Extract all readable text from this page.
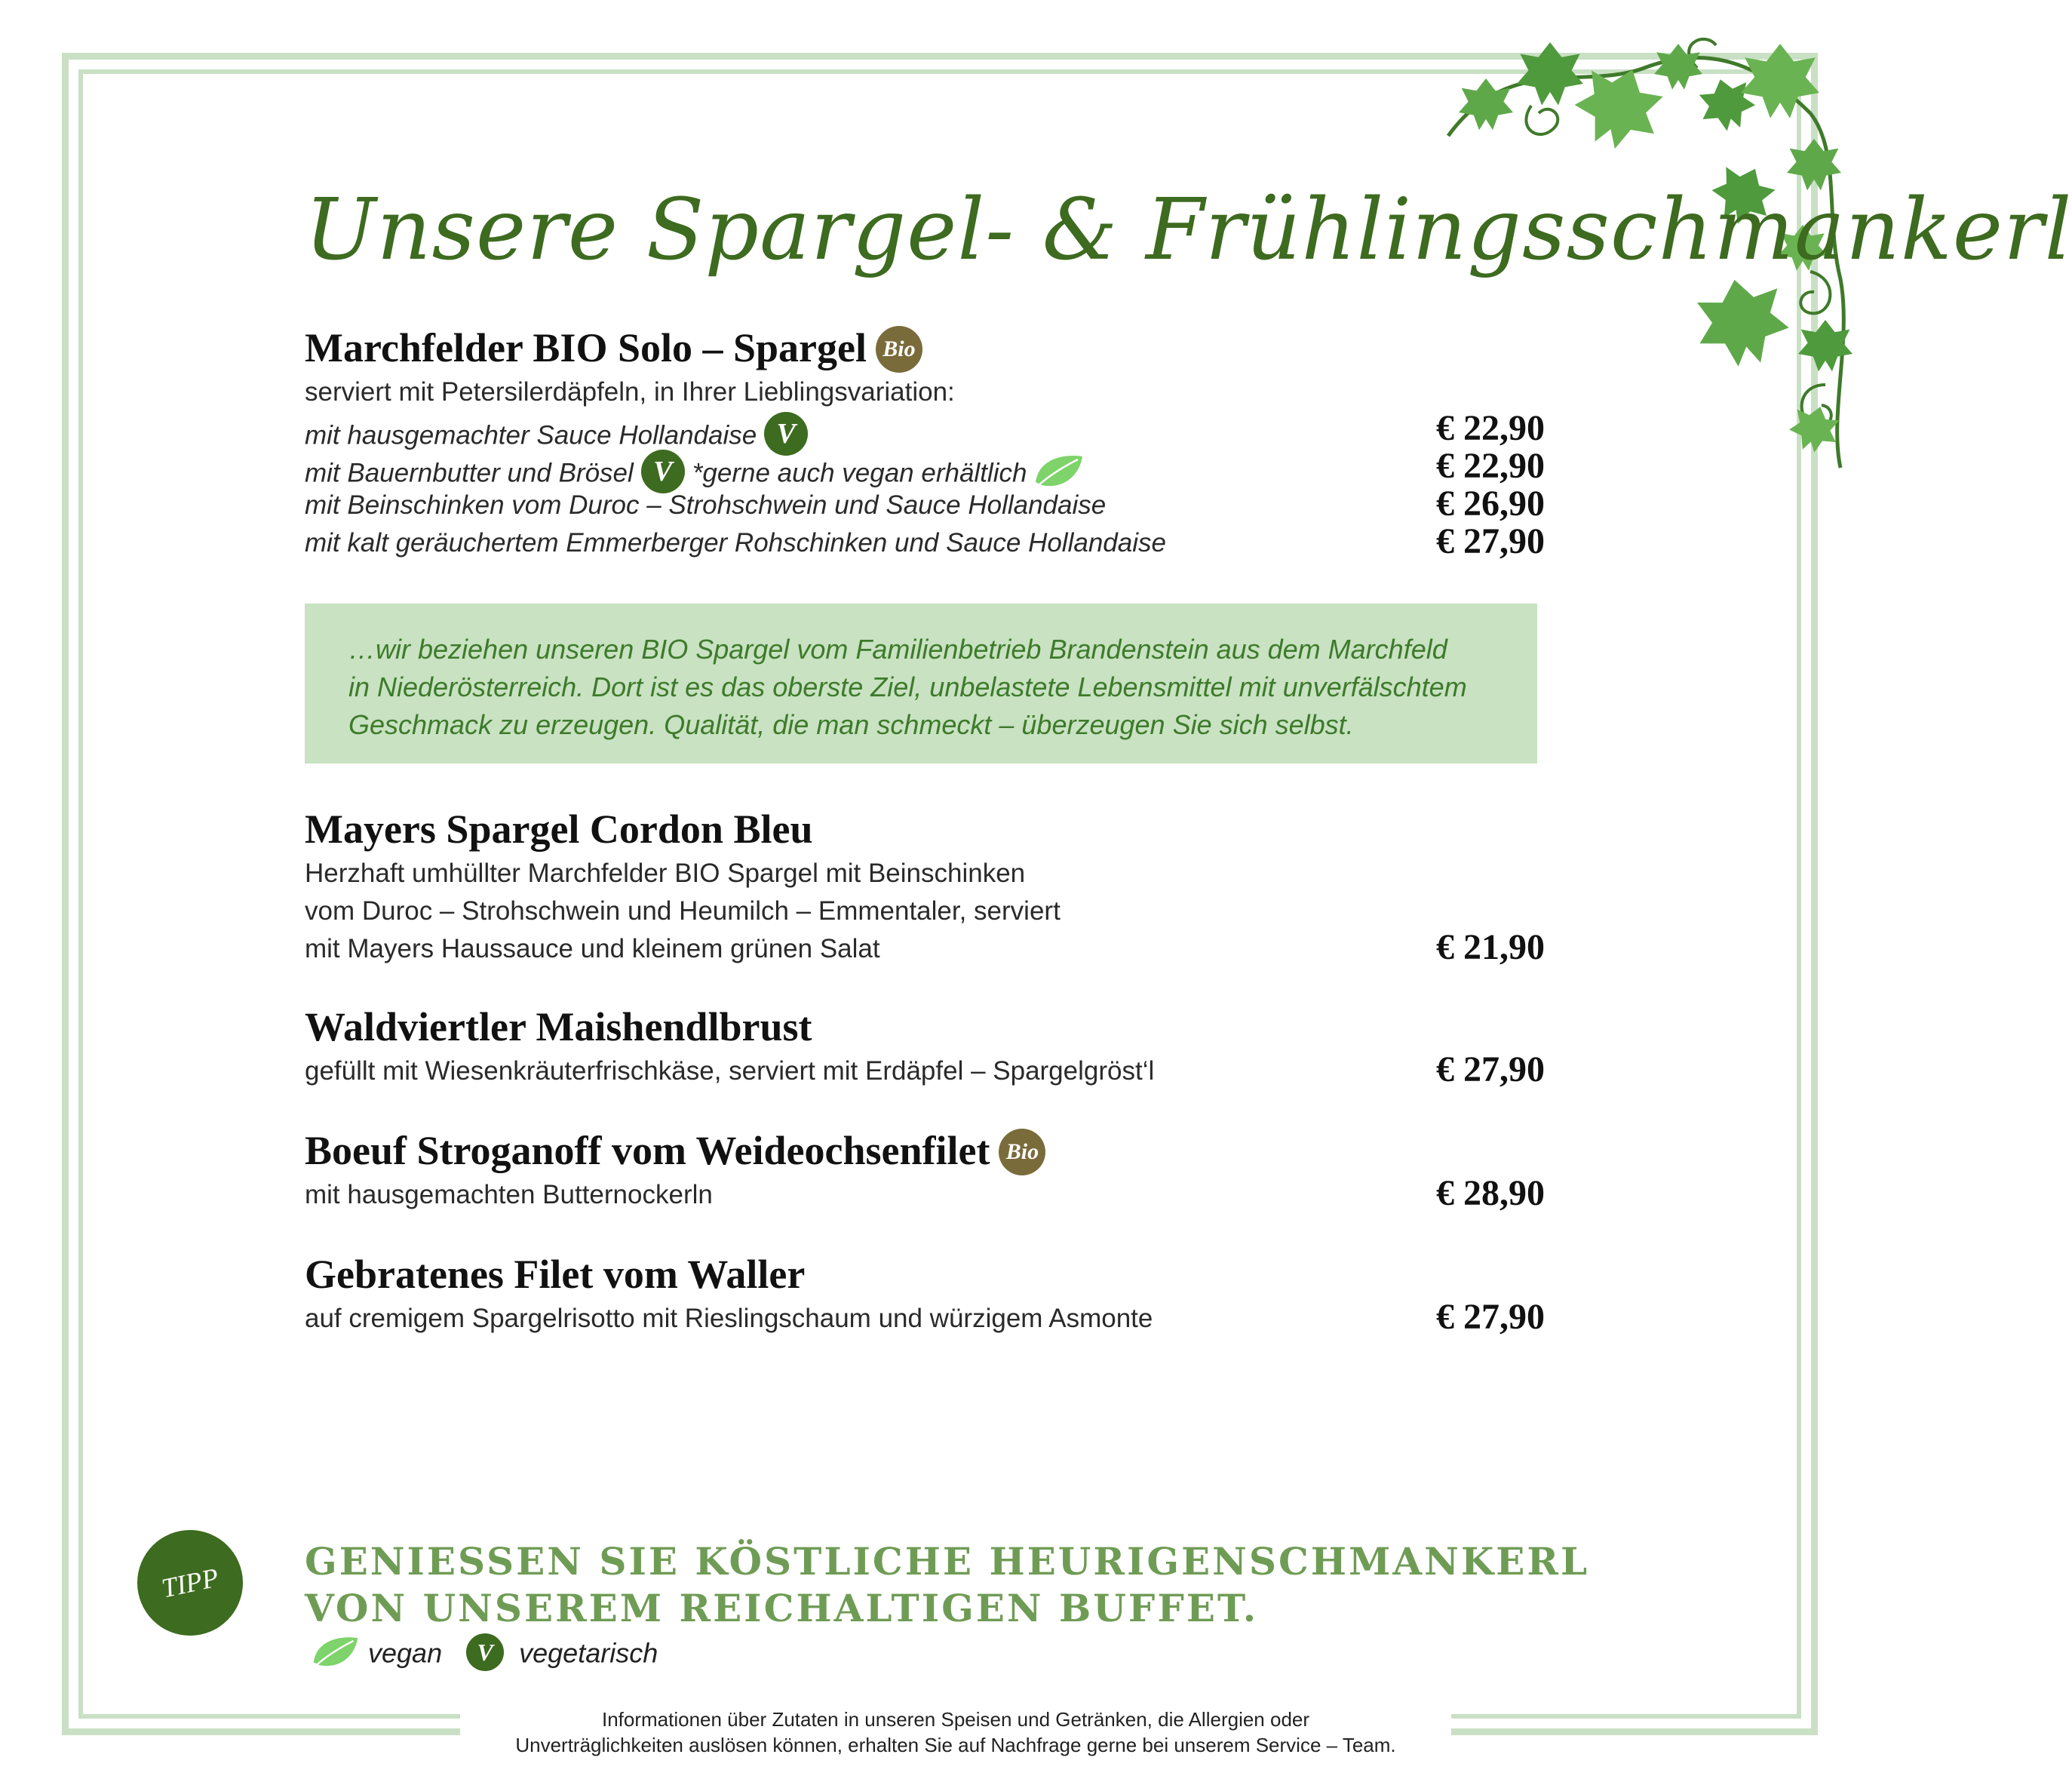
Unsere Spargel- & Frühlingsschmankerl
Marchfelder BIO Solo – Spargel Bio
serviert mit Petersilerdäpfeln, in Ihrer Lieblingsvariation:
mit hausgemachter Sauce Hollandaise V	€ 22,90
mit Bauernbutter und Brösel V *gerne auch vegan erhältlich	€ 22,90
mit Beinschinken vom Duroc – Strohschwein und Sauce Hollandaise	€ 26,90
mit kalt geräuchertem Emmerberger Rohschinken und Sauce Hollandaise	€ 27,90
…wir beziehen unseren BIO Spargel vom Familienbetrieb Brandenstein aus dem Marchfeld
in Niederösterreich. Dort ist es das oberste Ziel, unbelastete Lebensmittel mit unverfälschtem
Geschmack zu erzeugen. Qualität, die man schmeckt – überzeugen Sie sich selbst.
Mayers Spargel Cordon Bleu
Herzhaft umhüllter Marchfelder BIO Spargel mit Beinschinken
vom Duroc – Strohschwein und Heumilch – Emmentaler, serviert
mit Mayers Haussauce und kleinem grünen Salat	€ 21,90
Waldviertler Maishendlbrust
gefüllt mit Wiesenkräuterfrischkäse, serviert mit Erdäpfel – Spargelgröst‘l	€ 27,90
Boeuf Stroganoff vom Weideochsenfilet Bio
mit hausgemachten Butternockerln	€ 28,90
Gebratenes Filet vom Waller
auf cremigem Spargelrisotto mit Rieslingschaum und würzigem Asmonte	€ 27,90
TIPP	GENIESSEN SIE KÖSTLICHE HEURIGENSCHMANKERL
VON UNSEREM REICHALTIGEN BUFFET.
vegan V vegetarisch
Informationen über Zutaten in unseren Speisen und Getränken, die Allergien oder
Unverträglichkeiten auslösen können, erhalten Sie auf Nachfrage gerne bei unserem Service – Team.
